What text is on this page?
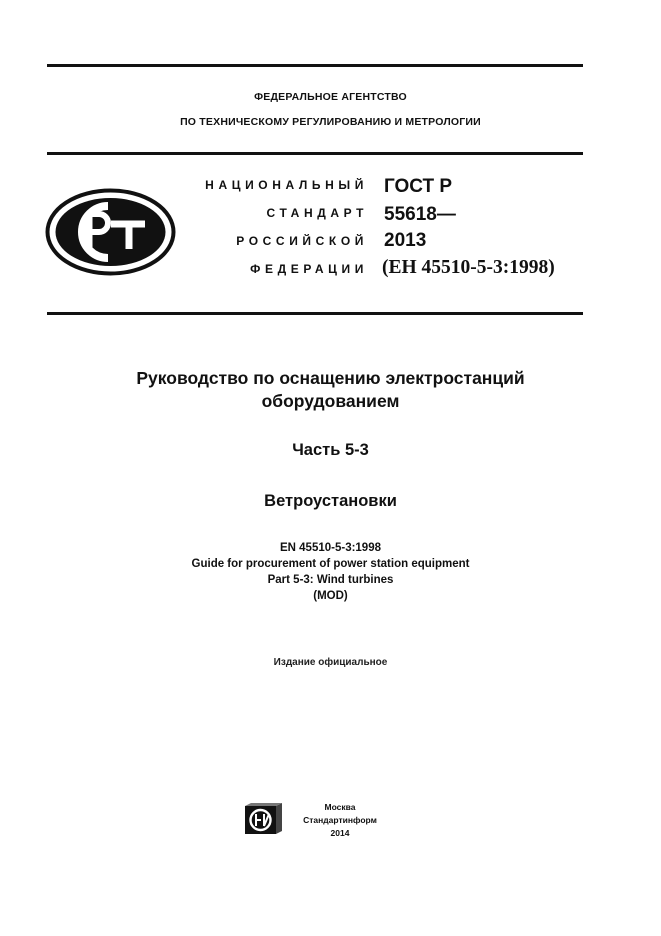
ФЕДЕРАЛЬНОЕ АГЕНТСТВО
ПО ТЕХНИЧЕСКОМУ РЕГУЛИРОВАНИЮ И МЕТРОЛОГИИ
НАЦИОНАЛЬНЫЙ
СТАНДАРТ
РОССИЙСКОЙ
ФЕДЕРАЦИИ
ГОСТ Р
55618—
2013
(ЕН 45510-5-3:1998)
Руководство по оснащению электростанций
оборудованием
Часть 5-3
Ветроустановки
EN 45510-5-3:1998
Guide for procurement of power station equipment
Part 5-3: Wind turbines
(MOD)
Издание официальное
Москва
Стандартинформ
2014
